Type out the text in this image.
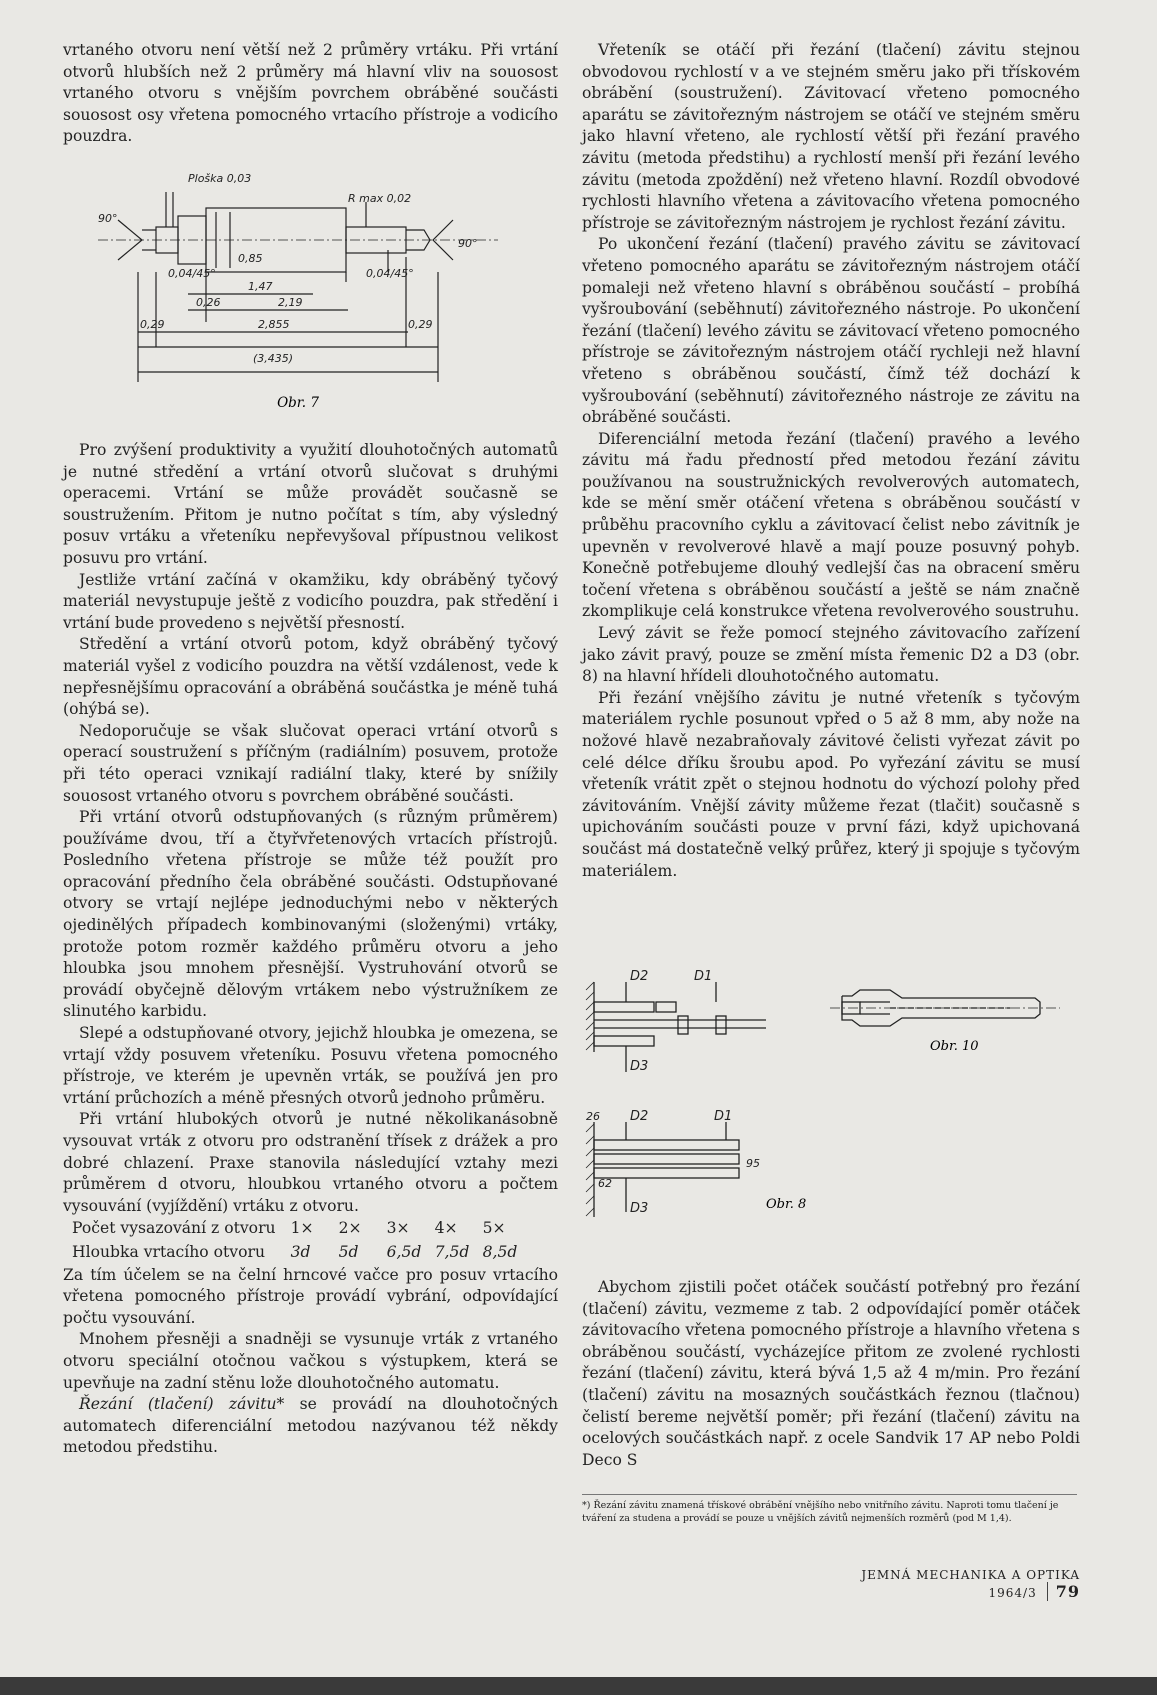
vrtaného otvoru není větší než 2 průměry vrtáku. Při vrtání otvorů hlubších než 2 průměry má hlavní vliv na souosost vrtaného otvoru s vnějším povrchem obráběné součásti souosost osy vřetena pomocného vrtacího přístroje a vodicího pouzdra.

Ploška 0,03
R max 0,02
90°
90°
1,47
2,19
2,855
0,26
0,29	0,29
(3,435)
0,04/45°	0,04/45°
0,85
Obr. 7

Pro zvýšení produktivity a využití dlouhotočných automatů je nutné středění a vrtání otvorů slučovat s druhými operacemi. Vrtání se může provádět současně se soustružením. Přitom je nutno počítat s tím, aby výsledný posuv vrtáku a vřeteníku nepřevyšoval přípustnou velikost posuvu pro vrtání.

Jestliže vrtání začíná v okamžiku, kdy obráběný tyčový materiál nevystupuje ještě z vodicího pouzdra, pak středění i vrtání bude provedeno s největší přesností.

Středění a vrtání otvorů potom, když obráběný tyčový materiál vyšel z vodicího pouzdra na větší vzdálenost, vede k nepřesnějšímu opracování a obráběná součástka je méně tuhá (ohýbá se).

Nedoporučuje se však slučovat operaci vrtání otvorů s operací soustružení s příčným (radiálním) posuvem, protože při této operaci vznikají radiální tlaky, které by snížily souosost vrtaného otvoru s povrchem obráběné součásti.

Při vrtání otvorů odstupňovaných (s různým průměrem) používáme dvou, tří a čtyřvřetenových vrtacích přístrojů. Posledního vřetena přístroje se může též použít pro opracování předního čela obráběné součásti. Odstupňované otvory se vrtají nejlépe jednoduchými nebo v některých ojedinělých případech kombinovanými (složenými) vrtáky, protože potom rozměr každého průměru otvoru a jeho hloubka jsou mnohem přesnější. Vystruhování otvorů se provádí obyčejně dělovým vrtákem nebo výstružníkem ze slinutého karbidu.

Slepé a odstupňované otvory, jejichž hloubka je omezena, se vrtají vždy posuvem vřeteníku. Posuvu vřetena pomocného přístroje, ve kterém je upevněn vrták, se používá jen pro vrtání průchozích a méně přesných otvorů jednoho průměru.

Při vrtání hlubokých otvorů je nutné několikanásobně vysouvat vrták z otvoru pro odstranění třísek z drážek a pro dobré chlazení. Praxe stanovila následující vztahy mezi průměrem d otvoru, hloubkou vrtaného otvoru a počtem vysouvání (vyjíždění) vrtáku z otvoru.

Počet vysazování z otvoru	1×	2×	3×	4×	5×
Hloubka vrtacího otvoru	3d	5d	6,5d	7,5d	8,5d

Za tím účelem se na čelní hrncové vačce pro posuv vrtacího vřetena pomocného přístroje provádí vybrání, odpovídající počtu vysouvání.

Mnohem přesněji a snadněji se vysunuje vrták z vrtaného otvoru speciální otočnou vačkou s výstupkem, která se upevňuje na zadní stěnu lože dlouhotočného automatu.

Řezání (tlačení) závitu* se provádí na dlouhotočných automatech diferenciální metodou nazývanou též někdy metodou předstihu.

Vřeteník se otáčí při řezání (tlačení) závitu stejnou obvodovou rychlostí v a ve stejném směru jako při třískovém obrábění (soustružení). Závitovací vřeteno pomocného aparátu se závitořezným nástrojem se otáčí ve stejném směru jako hlavní vřeteno, ale rychlostí větší při řezání pravého závitu (metoda předstihu) a rychlostí menší při řezání levého závitu (metoda zpoždění) než vřeteno hlavní. Rozdíl obvodové rychlosti hlavního vřetena a závitovacího vřetena pomocného přístroje se závitořezným nástrojem je rychlost řezání závitu.

Po ukončení řezání (tlačení) pravého závitu se závitovací vřeteno pomocného aparátu se závitořezným nástrojem otáčí pomaleji než vřeteno hlavní s obráběnou součástí – probíhá vyšroubování (seběhnutí) závitořezného nástroje. Po ukončení řezání (tlačení) levého závitu se závitovací vřeteno pomocného přístroje se závitořezným nástrojem otáčí rychleji než hlavní vřeteno s obráběnou součástí, čímž též dochází k vyšroubování (seběhnutí) závitořezného nástroje ze závitu na obráběné součásti.

Diferenciální metoda řezání (tlačení) pravého a levého závitu má řadu předností před metodou řezání závitu používanou na soustružnických revolverových automatech, kde se mění směr otáčení vřetena s obráběnou součástí v průběhu pracovního cyklu a závitovací čelist nebo závitník je upevněn v revolverové hlavě a mají pouze posuvný pohyb. Konečně potřebujeme dlouhý vedlejší čas na obracení směru točení vřetena s obráběnou součástí a ještě se nám značně zkomplikuje celá konstrukce vřetena revolverového soustruhu.

Levý závit se řeže pomocí stejného závitovacího zařízení jako závit pravý, pouze se změní místa řemenic D2 a D3 (obr. 8) na hlavní hřídeli dlouhotočného automatu.

Při řezání vnějšího závitu je nutné vřeteník s tyčovým materiálem rychle posunout vpřed o 5 až 8 mm, aby nože na nožové hlavě nezabraňovaly závitové čelisti vyřezat závit po celé délce dříku šroubu apod. Po vyřezání závitu se musí vřeteník vrátit zpět o stejnou hodnotu do výchozí polohy před závitováním. Vnější závity můžeme řezat (tlačit) současně s upichováním součásti pouze v první fázi, když upichovaná součást má dostatečně velký průřez, který ji spojuje s tyčovým materiálem.

D2	D1
D3
D2	D1
D3
26
95
62
Obr. 8
Obr. 10

Abychom zjistili počet otáček součástí potřebný pro řezání (tlačení) závitu, vezmeme z tab. 2 odpovídající poměr otáček závitovacího vřetena pomocného přístroje a hlavního vřetena s obráběnou součástí, vycházejíce přitom ze zvolené rychlosti řezání (tlačení) závitu, která bývá 1,5 až 4 m/min. Pro řezání (tlačení) závitu na mosazných součástkách řeznou (tlačnou) čelistí bereme největší poměr; při řezání (tlačení) závitu na ocelových součástkách např. z ocele Sandvik 17 AP nebo Poldi Deco S

*) Řezání závitu znamená třískové obrábění vnějšího nebo vnitřního závitu. Naproti tomu tlačení je tváření za studena a provádí se pouze u vnějších závitů nejmenších rozměrů (pod M 1,4).
JEMNÁ MECHANIKA A OPTIKA 1964/3 79
